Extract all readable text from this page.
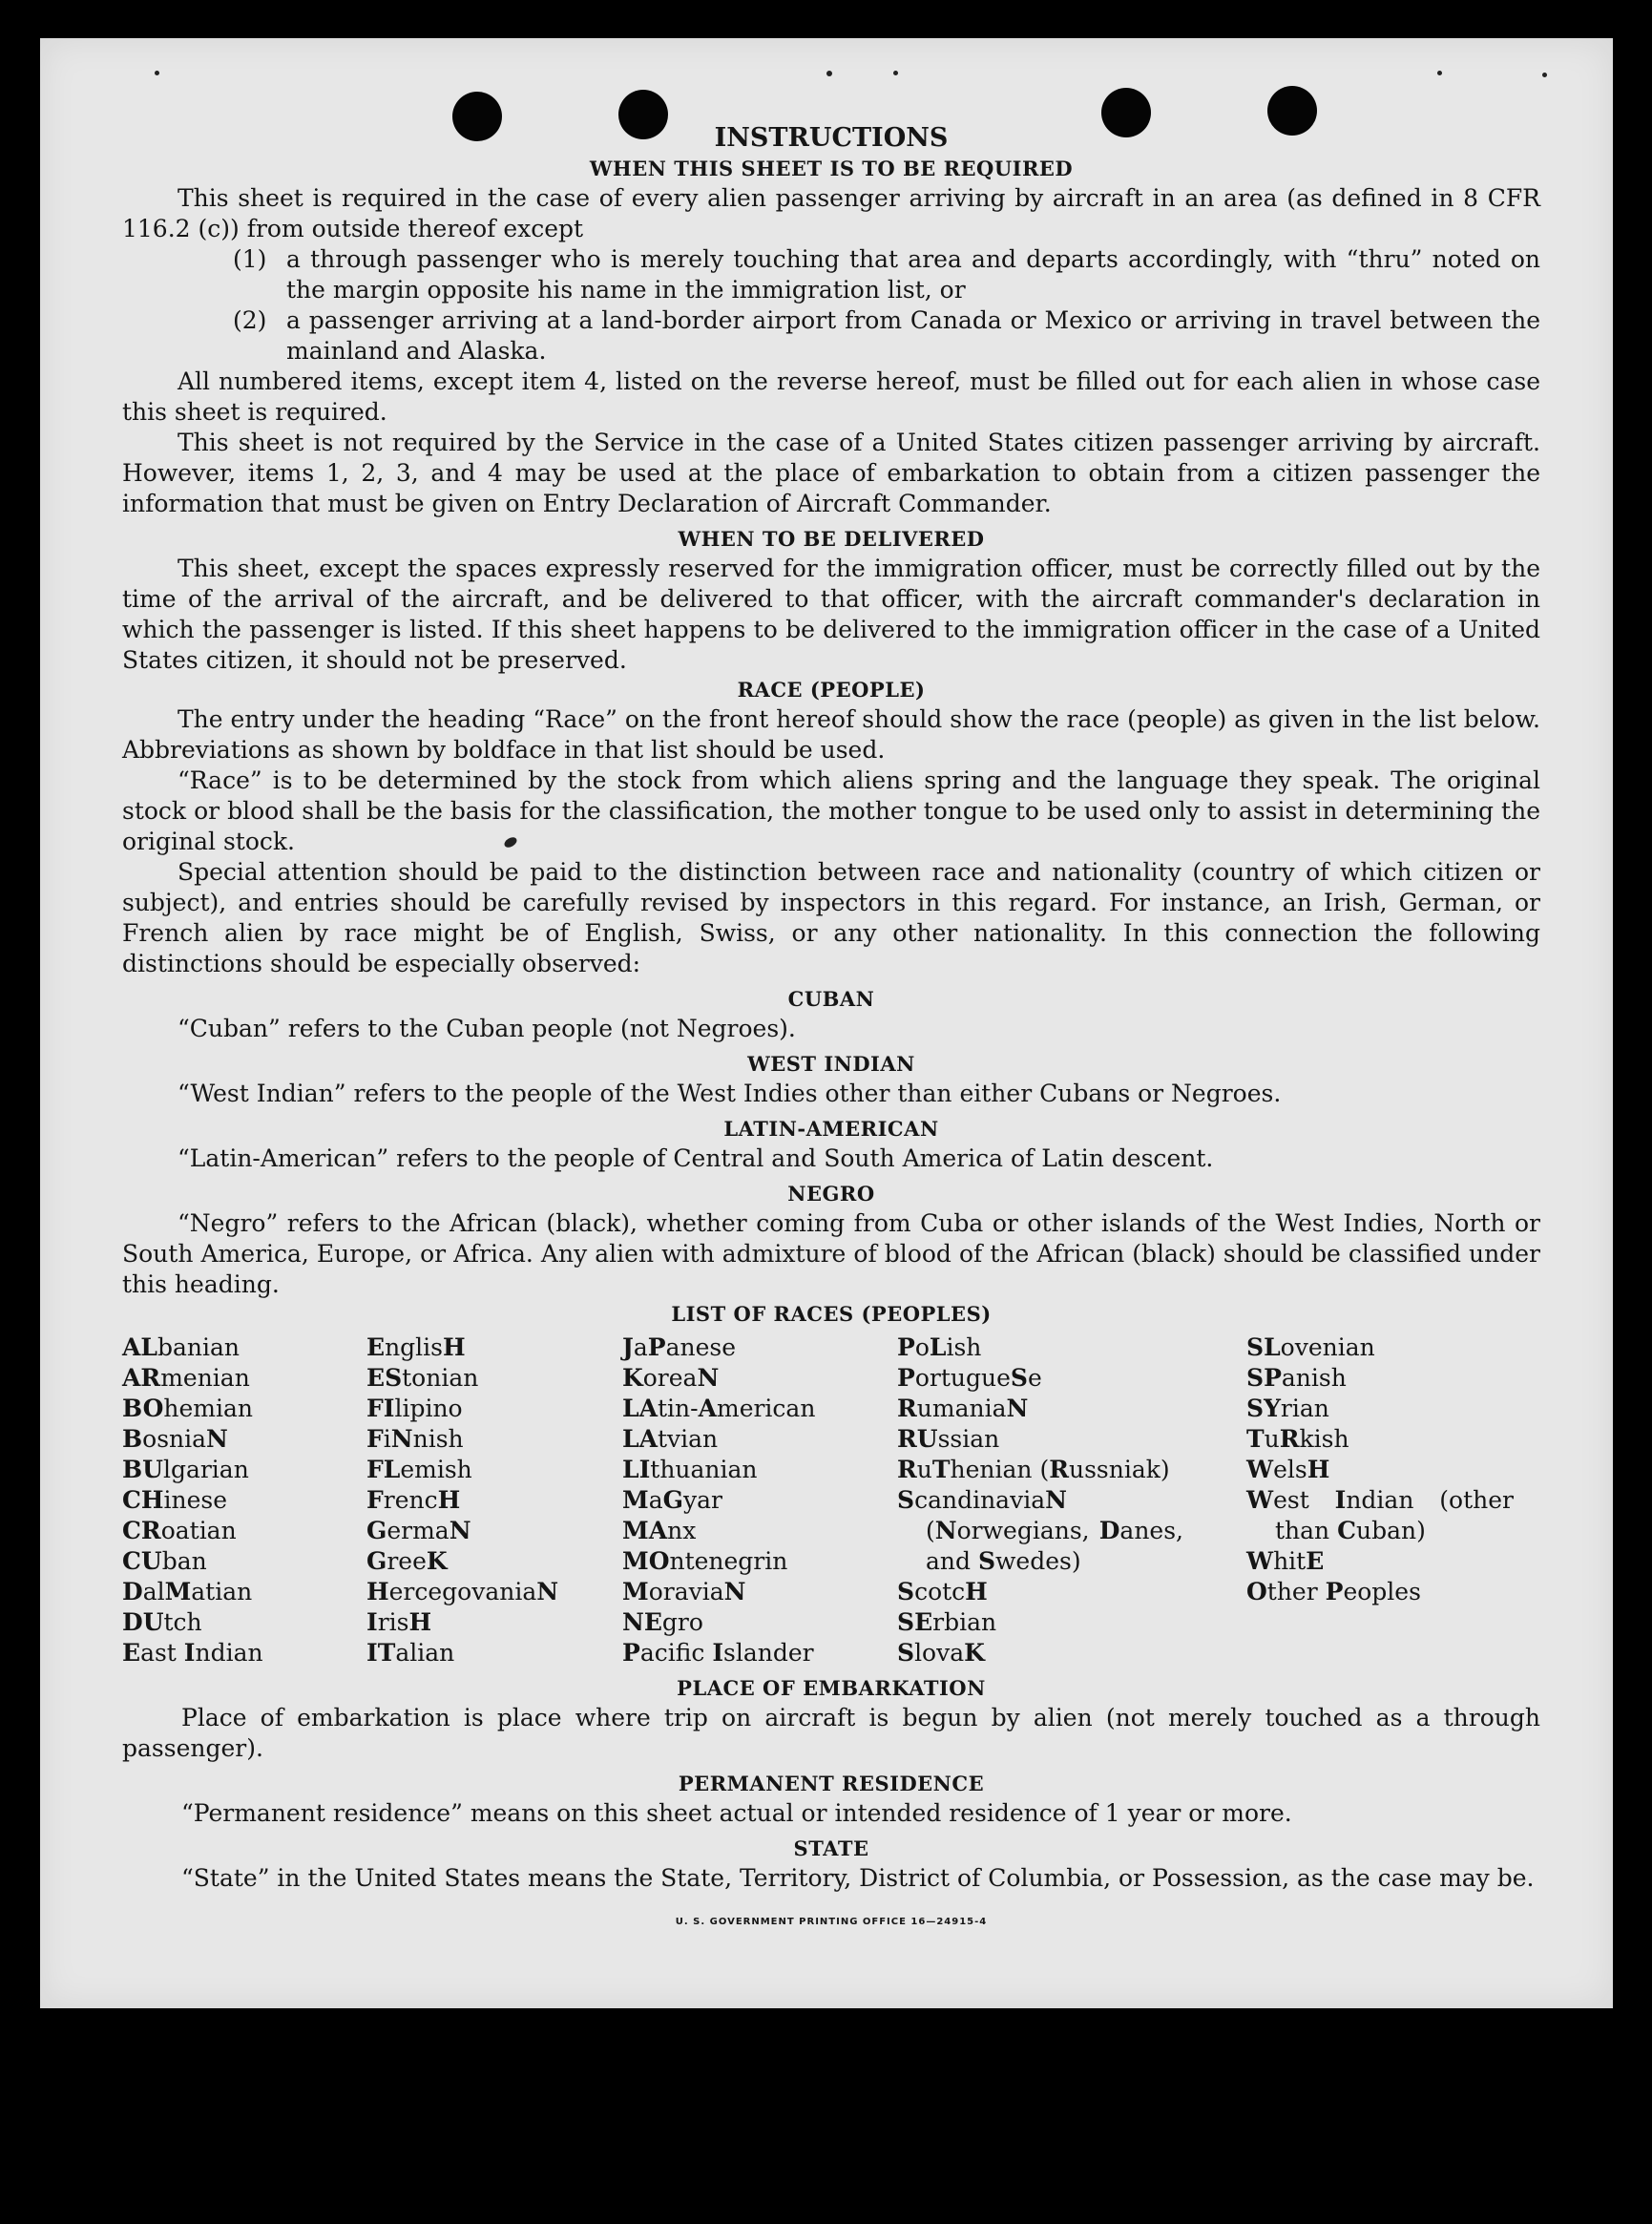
INSTRUCTIONS
WHEN THIS SHEET IS TO BE REQUIRED

This sheet is required in the case of every alien passenger arriving by aircraft in an area (as defined in 8 CFR 116.2 (c)) from outside thereof except

(1) a through passenger who is merely touching that area and departs accordingly, with “thru” noted on the margin opposite his name in the immigration list, or
(2) a passenger arriving at a land-border airport from Canada or Mexico or arriving in travel between the mainland and Alaska.

All numbered items, except item 4, listed on the reverse hereof, must be filled out for each alien in whose case this sheet is required.

This sheet is not required by the Service in the case of a United States citizen passenger arriving by aircraft. However, items 1, 2, 3, and 4 may be used at the place of embarkation to obtain from a citizen passenger the information that must be given on Entry Declaration of Aircraft Commander.

WHEN TO BE DELIVERED

This sheet, except the spaces expressly reserved for the immigration officer, must be correctly filled out by the time of the arrival of the aircraft, and be delivered to that officer, with the aircraft commander's declaration in which the passenger is listed. If this sheet happens to be delivered to the immigration officer in the case of a United States citizen, it should not be preserved.

RACE (PEOPLE)

The entry under the heading “Race” on the front hereof should show the race (people) as given in the list below. Abbreviations as shown by boldface in that list should be used.

“Race” is to be determined by the stock from which aliens spring and the language they speak. The original stock or blood shall be the basis for the classification, the mother tongue to be used only to assist in determining the original stock.

Special attention should be paid to the distinction between race and nationality (country of which citizen or subject), and entries should be carefully revised by inspectors in this regard. For instance, an Irish, German, or French alien by race might be of English, Swiss, or any other nationality. In this connection the following distinctions should be especially observed:

CUBAN

“Cuban” refers to the Cuban people (not Negroes).

WEST INDIAN

“West Indian” refers to the people of the West Indies other than either Cubans or Negroes.

LATIN-AMERICAN

“Latin-American” refers to the people of Central and South America of Latin descent.

NEGRO

“Negro” refers to the African (black), whether coming from Cuba or other islands of the West Indies, North or South America, Europe, or Africa. Any alien with admixture of blood of the African (black) should be classified under this heading.

LIST OF RACES (PEOPLES)
ALbanian
ARmenian
BOhemian
BosniaN
BUlgarian
CHinese
CRoatian
CUban
DalMatian
DUtch
East Indian
EnglisH
EStonian
FIlipino
FiNnish
FLemish
FrencH
GermaN
GreeK
HercegovaniaN
IrisH
ITalian
JaPanese
KoreaN
LAtin-American
LAtvian
LIthuanian
MaGyar
MAnx
MOntenegrin
MoraviaN
NEgro
Pacific Islander
PoLish
PortugueSe
RumaniaN
RUssian
RuThenian (Russniak)
ScandinaviaN (Norwegians, Danes, and Swedes)
ScotcH
SErbian
SlovaK
SLovenian
SPanish
SYrian
TuRkish
WelsH
West Indian (other than Cuban)
WhitE
Other Peoples
PLACE OF EMBARKATION

Place of embarkation is place where trip on aircraft is begun by alien (not merely touched as a through passenger).

PERMANENT RESIDENCE

“Permanent residence” means on this sheet actual or intended residence of 1 year or more.

STATE

“State” in the United States means the State, Territory, District of Columbia, or Possession, as the case may be.

U. S. GOVERNMENT PRINTING OFFICE 16—24915-4
